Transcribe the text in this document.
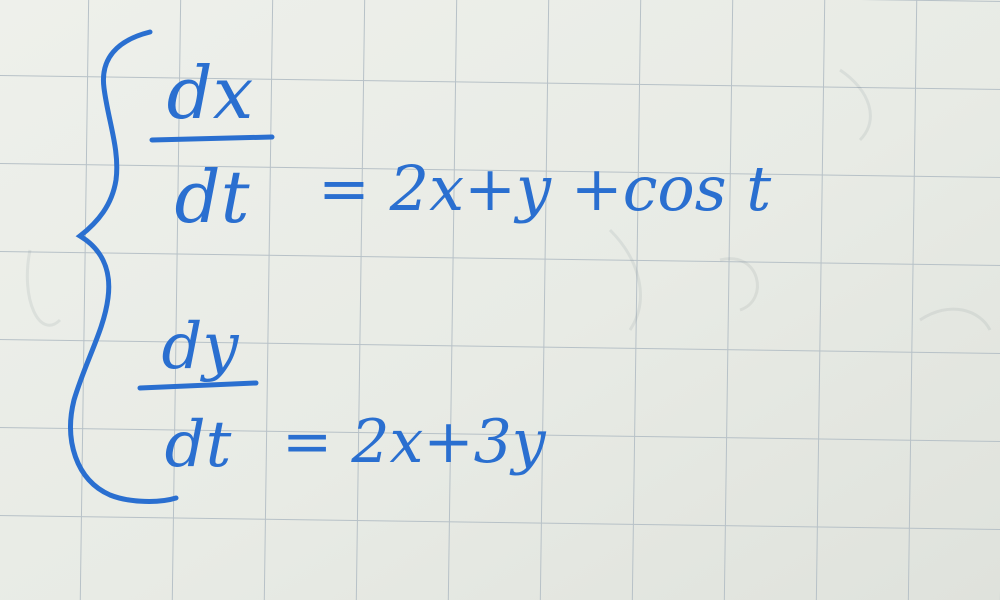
dx
dt = 2x+y +cos t
dy
dt = 2x+3y
